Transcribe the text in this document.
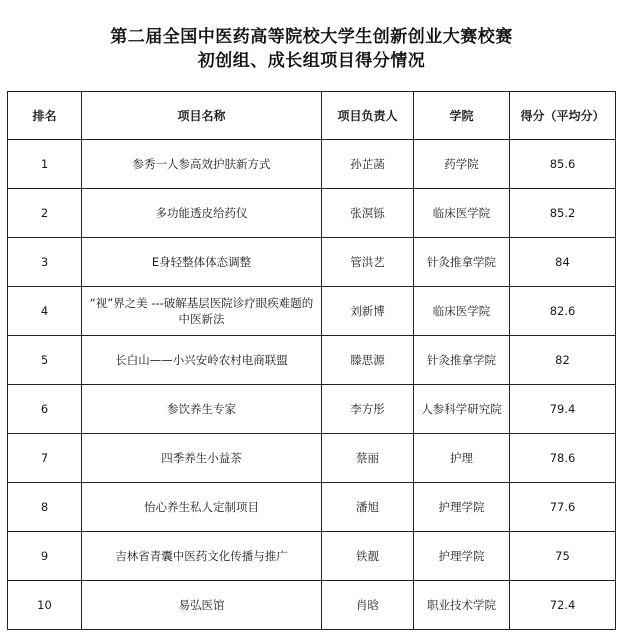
第二届全国中医药高等院校大学生创新创业大赛校赛
初创组、成长组项目得分情况
排名	项目名称	项目负责人	学院	得分（平均分）
1	参秀一人参高效护肤新方式	孙芷菡	药学院	85.6
2	多功能透皮给药仪	张溟铄	临床医学院	85.2
3	E身轻整体体态调整	管洪艺	针灸推拿学院	84
4	“视”界之美 ---破解基层医院诊疗眼疾难题的中医新法	刘新博	临床医学院	82.6
5	长白山——小兴安岭农村电商联盟	滕思源	针灸推拿学院	82
6	参饮养生专家	李方彤	人参科学研究院	79.4
7	四季养生小益茶	蔡丽	护理	78.6
8	怡心养生私人定制项目	潘旭	护理学院	77.6
9	吉林省青囊中医药文化传播与推广	铁靓	护理学院	75
10	易弘医馆	肖晗	职业技术学院	72.4
